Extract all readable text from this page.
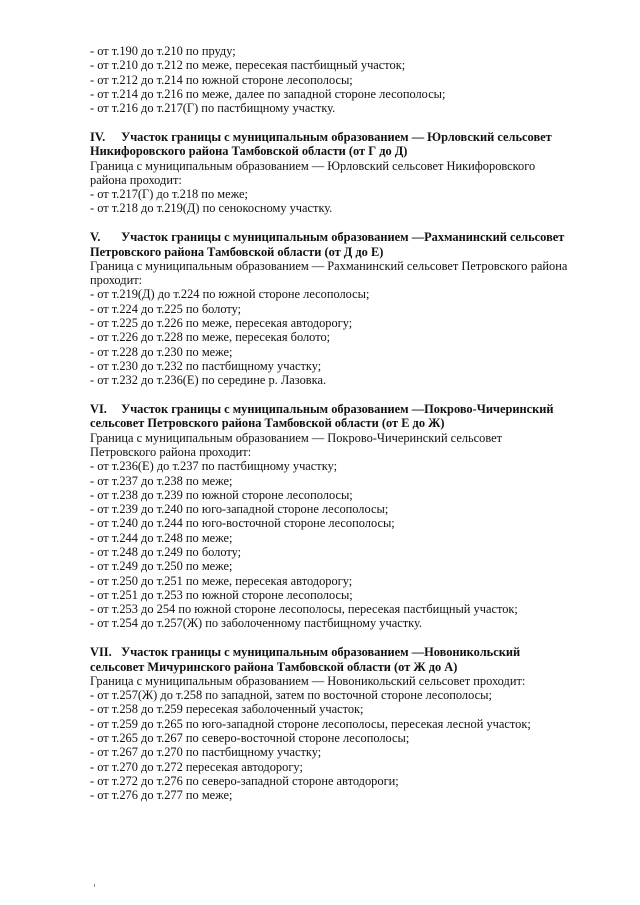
- от т.190 до т.210 по пруду;
- от т.210 до т.212 по меже, пересекая пастбищный участок;
- от т.212 до т.214 по южной стороне лесополосы;
- от т.214 до т.216 по меже, далее по западной стороне лесополосы;
- от т.216 до т.217(Г) по пастбищному участку.
IV. Участок границы с муниципальным образованием — Юрловский сельсовет
Никифоровского района Тамбовской области (от Г до Д)
Граница с муниципальным образованием — Юрловский сельсовет Никифоровского
района проходит:
- от т.217(Г) до т.218 по меже;
- от т.218 до т.219(Д) по сенокосному участку.
V. Участок границы с муниципальным образованием —Рахманинский сельсовет
Петровского района Тамбовской области (от Д до Е)
Граница с муниципальным образованием — Рахманинский сельсовет Петровского района
проходит:
- от т.219(Д) до т.224 по южной стороне лесополосы;
- от т.224 до т.225 по болоту;
- от т.225 до т.226 по меже, пересекая автодорогу;
- от т.226 до т.228 по меже, пересекая болото;
- от т.228 до т.230 по меже;
- от т.230 до т.232 по пастбищному участку;
- от т.232 до т.236(Е) по середине р. Лазовка.
VI. Участок границы с муниципальным образованием —Покрово-Чичеринский
сельсовет Петровского района Тамбовской области (от Е до Ж)
Граница с муниципальным образованием — Покрово-Чичеринский сельсовет
Петровского района проходит:
- от т.236(Е) до т.237 по пастбищному участку;
- от т.237 до т.238 по меже;
- от т.238 до т.239 по южной стороне лесополосы;
- от т.239 до т.240 по юго-западной стороне лесополосы;
- от т.240 до т.244 по юго-восточной стороне лесополосы;
- от т.244 до т.248 по меже;
- от т.248 до т.249 по болоту;
- от т.249 до т.250 по меже;
- от т.250 до т.251 по меже, пересекая автодорогу;
- от т.251 до т.253 по южной стороне лесополосы;
- от т.253 до 254 по южной стороне лесополосы, пересекая пастбищный участок;
- от т.254 до т.257(Ж) по заболоченному пастбищному участку.
VII. Участок границы с муниципальным образованием —Новоникольский
сельсовет Мичуринского района Тамбовской области (от Ж до А)
Граница с муниципальным образованием — Новоникольский сельсовет проходит:
- от т.257(Ж) до т.258 по западной, затем по восточной стороне лесополосы;
- от т.258 до т.259 пересекая заболоченный участок;
- от т.259 до т.265 по юго-западной стороне лесополосы, пересекая лесной участок;
- от т.265 до т.267 по северо-восточной стороне лесополосы;
- от т.267 до т.270 по пастбищному участку;
- от т.270 до т.272 пересекая автодорогу;
- от т.272 до т.276 по северо-западной стороне автодороги;
- от т.276 до т.277 по меже;
